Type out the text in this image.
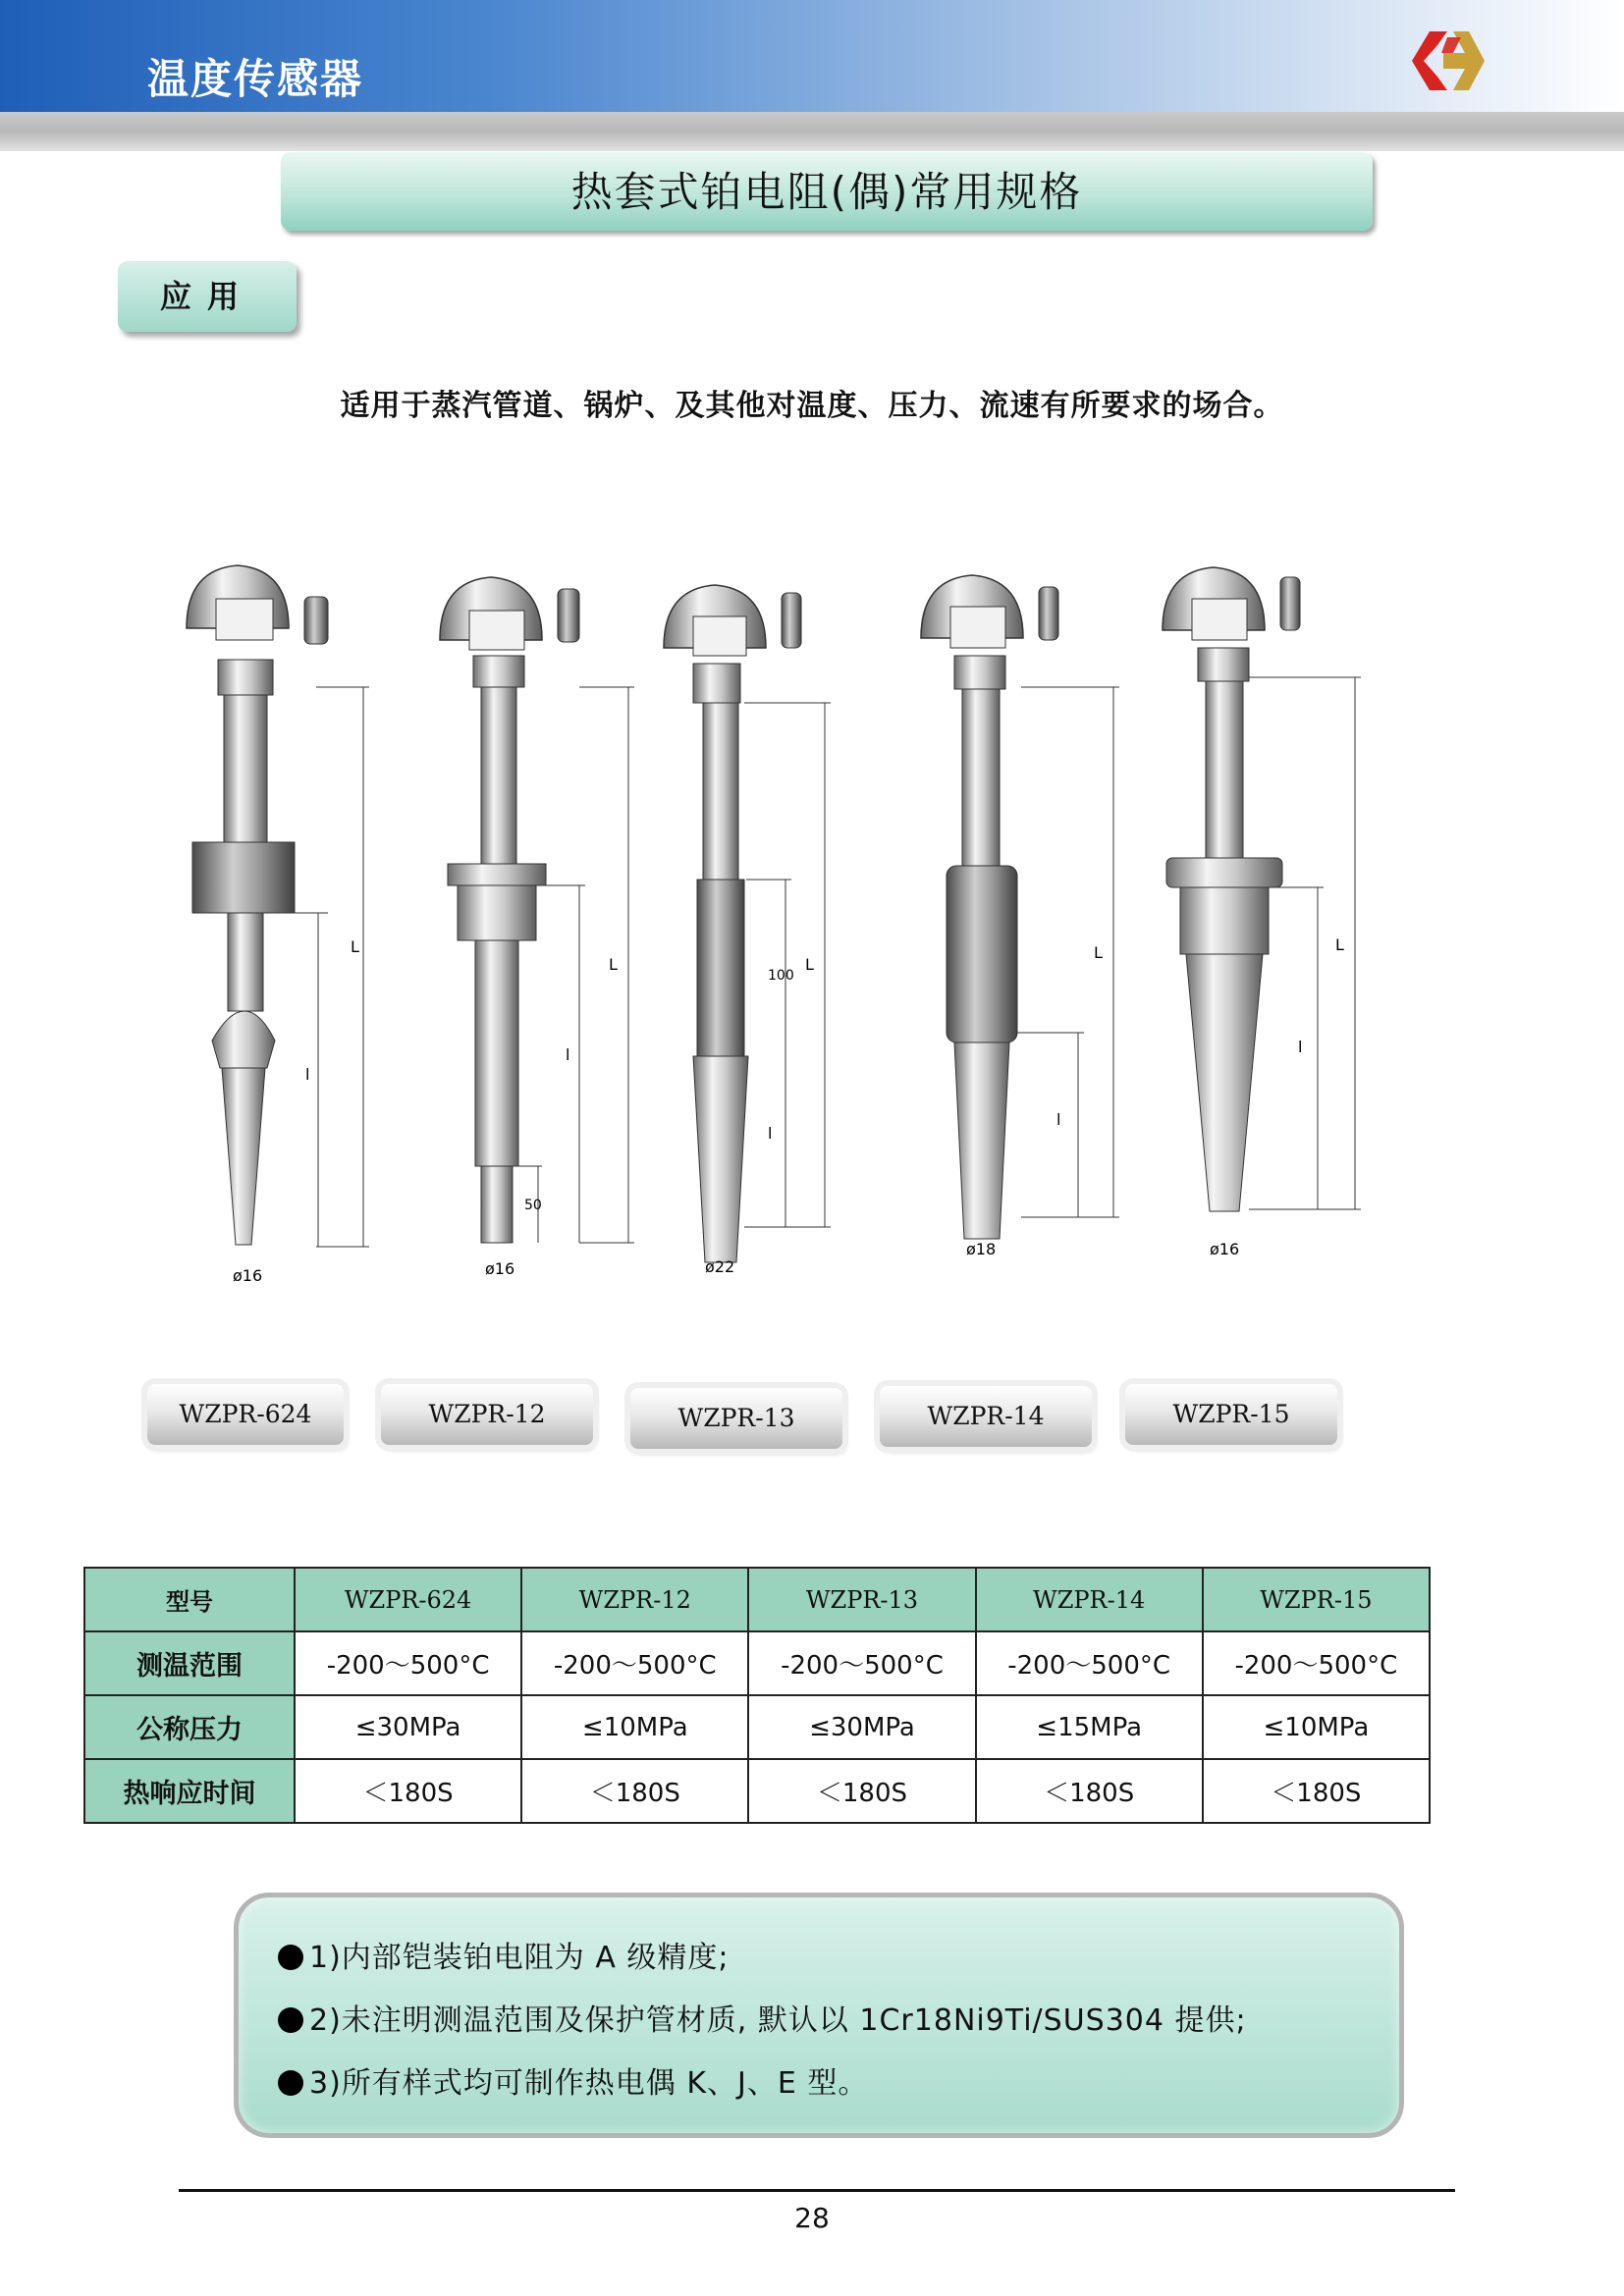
温度传感器
热套式铂电阻(偶)常用规格
应用
适用于蒸汽管道、锅炉、及其他对温度、压力、流速有所要求的场合。
L
l
ø16
L
l
50
ø16
L
100
l
ø22
L
l
ø18
L
l
ø16
WZPR-624	WZPR-12	WZPR-13	WZPR-14	WZPR-15
型号	WZPR-624	WZPR-12	WZPR-13	WZPR-14	WZPR-15
测温范围	-200～500°C	-200～500°C	-200～500°C	-200～500°C	-200～500°C
公称压力	≤30MPa	≤10MPa	≤30MPa	≤15MPa	≤10MPa
热响应时间	＜180S	＜180S	＜180S	＜180S	＜180S
1)内部铠装铂电阻为 A 级精度;
2)未注明测温范围及保护管材质, 默认以 1Cr18Ni9Ti/SUS304 提供;
3)所有样式均可制作热电偶 K、J、E 型。
28
